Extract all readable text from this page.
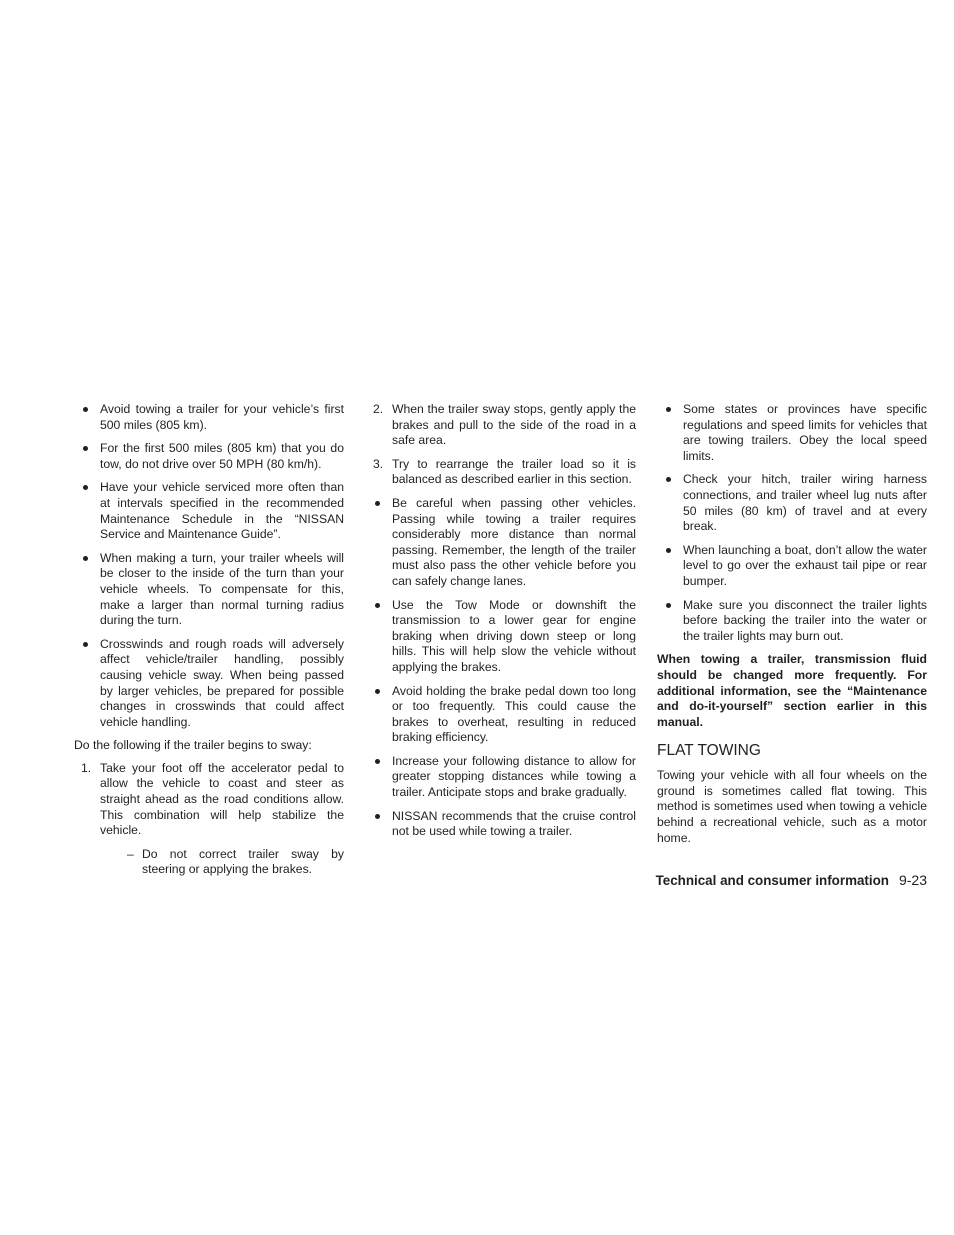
Avoid towing a trailer for your vehicle’s first 500 miles (805 km).
For the first 500 miles (805 km) that you do tow, do not drive over 50 MPH (80 km/h).
Have your vehicle serviced more often than at intervals specified in the recommended Maintenance Schedule in the “NISSAN Service and Maintenance Guide”.
When making a turn, your trailer wheels will be closer to the inside of the turn than your vehicle wheels. To compensate for this, make a larger than normal turning radius during the turn.
Crosswinds and rough roads will adversely affect vehicle/trailer handling, possibly causing vehicle sway. When being passed by larger vehicles, be prepared for possible changes in crosswinds that could affect vehicle handling.

Do the following if the trailer begins to sway:

1. Take your foot off the accelerator pedal to allow the vehicle to coast and steer as straight ahead as the road conditions allow. This combination will help stabilize the vehicle.
– Do not correct trailer sway by steering or applying the brakes.
2. When the trailer sway stops, gently apply the brakes and pull to the side of the road in a safe area.
3. Try to rearrange the trailer load so it is balanced as described earlier in this section.
Be careful when passing other vehicles. Passing while towing a trailer requires considerably more distance than normal passing. Remember, the length of the trailer must also pass the other vehicle before you can safely change lanes.
Use the Tow Mode or downshift the transmission to a lower gear for engine braking when driving down steep or long hills. This will help slow the vehicle without applying the brakes.
Avoid holding the brake pedal down too long or too frequently. This could cause the brakes to overheat, resulting in reduced braking efficiency.
Increase your following distance to allow for greater stopping distances while towing a trailer. Anticipate stops and brake gradually.
NISSAN recommends that the cruise control not be used while towing a trailer.
Some states or provinces have specific regulations and speed limits for vehicles that are towing trailers. Obey the local speed limits.
Check your hitch, trailer wiring harness connections, and trailer wheel lug nuts after 50 miles (80 km) of travel and at every break.
When launching a boat, don’t allow the water level to go over the exhaust tail pipe or rear bumper.
Make sure you disconnect the trailer lights before backing the trailer into the water or the trailer lights may burn out.

When towing a trailer, transmission fluid should be changed more frequently. For additional information, see the “Maintenance and do-it-yourself” section earlier in this manual.

FLAT TOWING

Towing your vehicle with all four wheels on the ground is sometimes called flat towing. This method is sometimes used when towing a vehicle behind a recreational vehicle, such as a motor home.

Technical and consumer information 9-23
